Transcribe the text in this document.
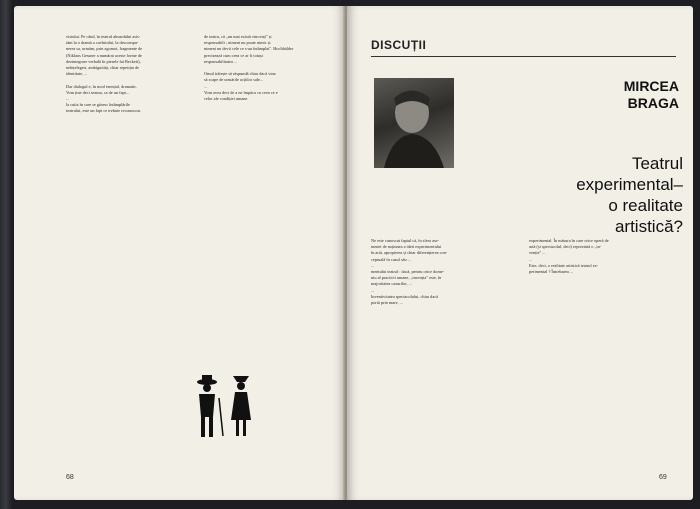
vistului. Pe când, în teatrul absurdului asis-
tăm la o dramă a cuvîntului, la descompu-
nerea sa, urmăm, prin zgomot, fragmente de
(Niklaus Gessner a numărat aceste forme de
dezintegrare verbală în piesele lui Beckett),
neînțelegeri, ambiguități, chiar repetiția de
identitate, ...

Dar dialogul e, în mod esențial, dramatic.
Vom ține deci seama, ca de un fapt...
...
la cutia în care se găsesc întâmplările
teatrului, este un fapt ce trebuie recunoscut.
de teatru, că „un mai există vinovați" și
responsabili ; nimeni nu poate nimic și
nimeni nu devii cele ce s-au întâmplat". Hochhälder
precizează cum ceea ce ar fi totuși
responsabilitatea ...

Omul trăiește să răspundă chiar dacă vina
să scape de urmările acțiilor sale...
...
Vom avea deci de a ne împăca cu ceea ce e
celor ale condiției umane.
68
DISCUȚII
MIRCEA
BRAGA
Teatrul
experimental–
o realitate
artistică?
Ne este cunoscut faptul că, în sfera ase-
menei de noțiunea a ideii experimentului
în artă, apropierea și chiar diferențierea con-
ceptuală în cazul său ...
...
mentului teatral : dacă, pentru orice dome-
niu al practicii umane, „inovația" este, în
majoritatea cazurilor, ...
...
Inventivitatea spectacolului, chiar dacă
portă prin mare, ...
experimental. În măsura în care orice operă de
artă (și spectacolul, deci) reprezintă o „in-
venție" ...
...
Este, deci, o realitate artistică teatrul ex-
perimental ? Întrebarea ...
69
